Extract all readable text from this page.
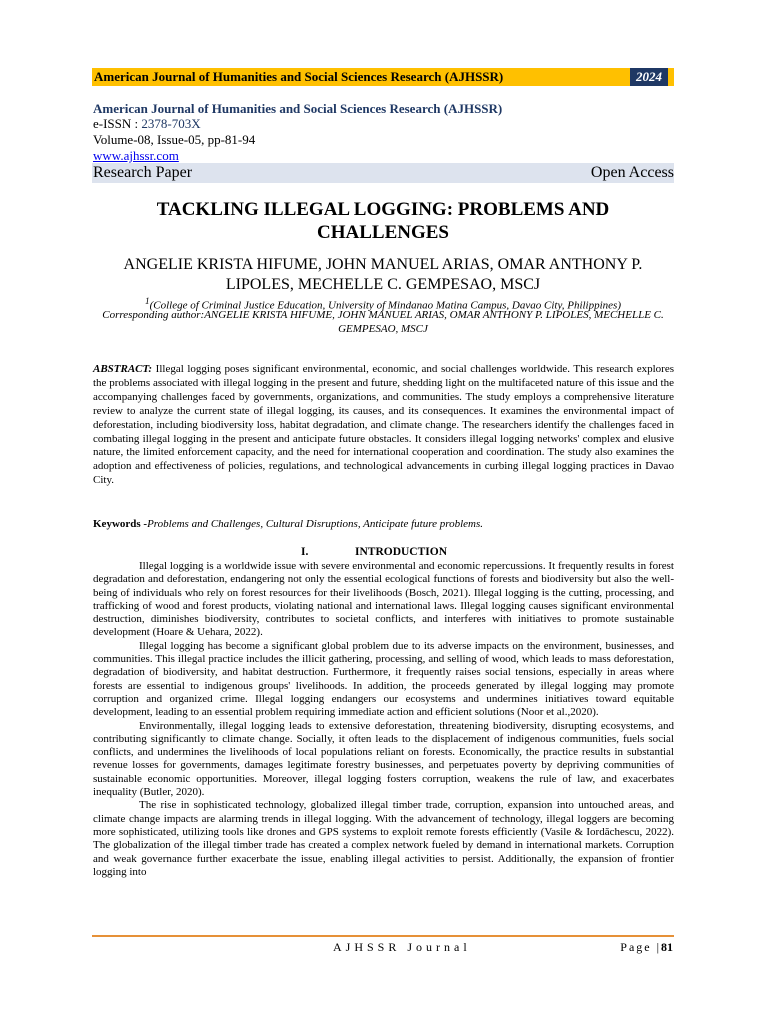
American Journal of Humanities and Social Sciences Research (AJHSSR)	2024
American Journal of Humanities and Social Sciences Research (AJHSSR)
e-ISSN : 2378-703X
Volume-08, Issue-05, pp-81-94
www.ajhssr.com
Research Paper	Open Access
TACKLING ILLEGAL LOGGING: PROBLEMS AND CHALLENGES
ANGELIE KRISTA HIFUME, JOHN MANUEL ARIAS, OMAR ANTHONY P. LIPOLES, MECHELLE C. GEMPESAO, MSCJ
$^1$(College of Criminal Justice Education, University of Mindanao Matina Campus, Davao City, Philippines)
Corresponding author:ANGELIE KRISTA HIFUME, JOHN MANUEL ARIAS, OMAR ANTHONY P. LIPOLES, MECHELLE C. GEMPESAO, MSCJ
ABSTRACT: Illegal logging poses significant environmental, economic, and social challenges worldwide. This research explores the problems associated with illegal logging in the present and future, shedding light on the multifaceted nature of this issue and the accompanying challenges faced by governments, organizations, and communities. The study employs a comprehensive literature review to analyze the current state of illegal logging, its causes, and its consequences. It examines the environmental impact of deforestation, including biodiversity loss, habitat degradation, and climate change. The researchers identify the challenges faced in combating illegal logging in the present and anticipate future obstacles. It considers illegal logging networks' complex and elusive nature, the limited enforcement capacity, and the need for international cooperation and coordination. The study also examines the adoption and effectiveness of policies, regulations, and technological advancements in curbing illegal logging practices in Davao City.
Keywords -Problems and Challenges, Cultural Disruptions, Anticipate future problems.
I.	INTRODUCTION

Illegal logging is a worldwide issue with severe environmental and economic repercussions. It frequently results in forest degradation and deforestation, endangering not only the essential ecological functions of forests and biodiversity but also the well-being of individuals who rely on forest resources for their livelihoods (Bosch, 2021). Illegal logging is the cutting, processing, and trafficking of wood and forest products, violating national and international laws. Illegal logging causes significant environmental destruction, diminishes biodiversity, contributes to societal conflicts, and interferes with initiatives to promote sustainable development (Hoare & Uehara, 2022).

Illegal logging has become a significant global problem due to its adverse impacts on the environment, businesses, and communities. This illegal practice includes the illicit gathering, processing, and selling of wood, which leads to mass deforestation, degradation of biodiversity, and habitat destruction. Furthermore, it frequently raises social tensions, especially in areas where forests are essential to indigenous groups' livelihoods. In addition, the proceeds generated by illegal logging may promote corruption and organized crime. Illegal logging endangers our ecosystems and undermines initiatives toward equitable development, leading to an essential problem requiring immediate action and efficient solutions (Noor et al.,2020).

Environmentally, illegal logging leads to extensive deforestation, threatening biodiversity, disrupting ecosystems, and contributing significantly to climate change. Socially, it often leads to the displacement of indigenous communities, fuels social conflicts, and undermines the livelihoods of local populations reliant on forests. Economically, the practice results in substantial revenue losses for governments, damages legitimate forestry businesses, and perpetuates poverty by depriving communities of sustainable economic opportunities. Moreover, illegal logging fosters corruption, weakens the rule of law, and exacerbates inequality (Butler, 2020).

The rise in sophisticated technology, globalized illegal timber trade, corruption, expansion into untouched areas, and climate change impacts are alarming trends in illegal logging. With the advancement of technology, illegal loggers are becoming more sophisticated, utilizing tools like drones and GPS systems to exploit remote forests efficiently (Vasile & Iordăchescu, 2022). The globalization of the illegal timber trade has created a complex network fueled by demand in international markets. Corruption and weak governance further exacerbate the issue, enabling illegal activities to persist. Additionally, the expansion of frontier logging into

AJHSSR Journal	Page |81
